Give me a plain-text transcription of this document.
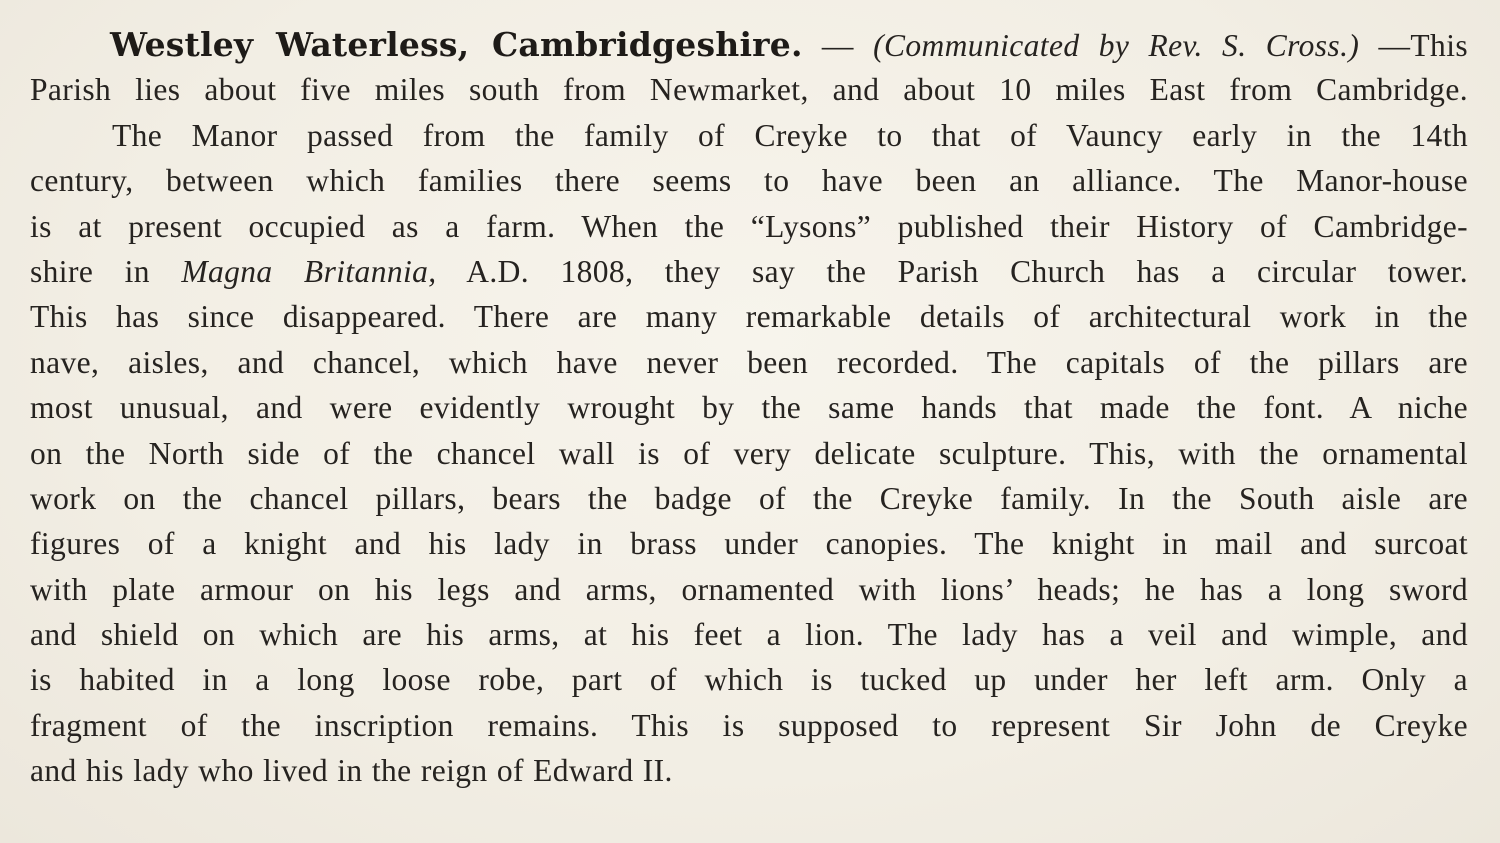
Westley Waterless, Cambridgeshire. — (Communicated by Rev. S. Cross.) —This
Parish lies about five miles south from Newmarket, and about 10 miles East from Cambridge.
The Manor passed from the family of Creyke to that of Vauncy early in the 14th
century, between which families there seems to have been an alliance. The Manor-house
is at present occupied as a farm. When the “Lysons” published their History of Cambridge-
shire in Magna Britannia, A.D. 1808, they say the Parish Church has a circular tower.
This has since disappeared. There are many remarkable details of architectural work in the
nave, aisles, and chancel, which have never been recorded. The capitals of the pillars are
most unusual, and were evidently wrought by the same hands that made the font. A niche
on the North side of the chancel wall is of very delicate sculpture. This, with the ornamental
work on the chancel pillars, bears the badge of the Creyke family. In the South aisle are
figures of a knight and his lady in brass under canopies. The knight in mail and surcoat
with plate armour on his legs and arms, ornamented with lions’ heads; he has a long sword
and shield on which are his arms, at his feet a lion. The lady has a veil and wimple, and
is habited in a long loose robe, part of which is tucked up under her left arm. Only a
fragment of the inscription remains. This is supposed to represent Sir John de Creyke
and his lady who lived in the reign of Edward II.
